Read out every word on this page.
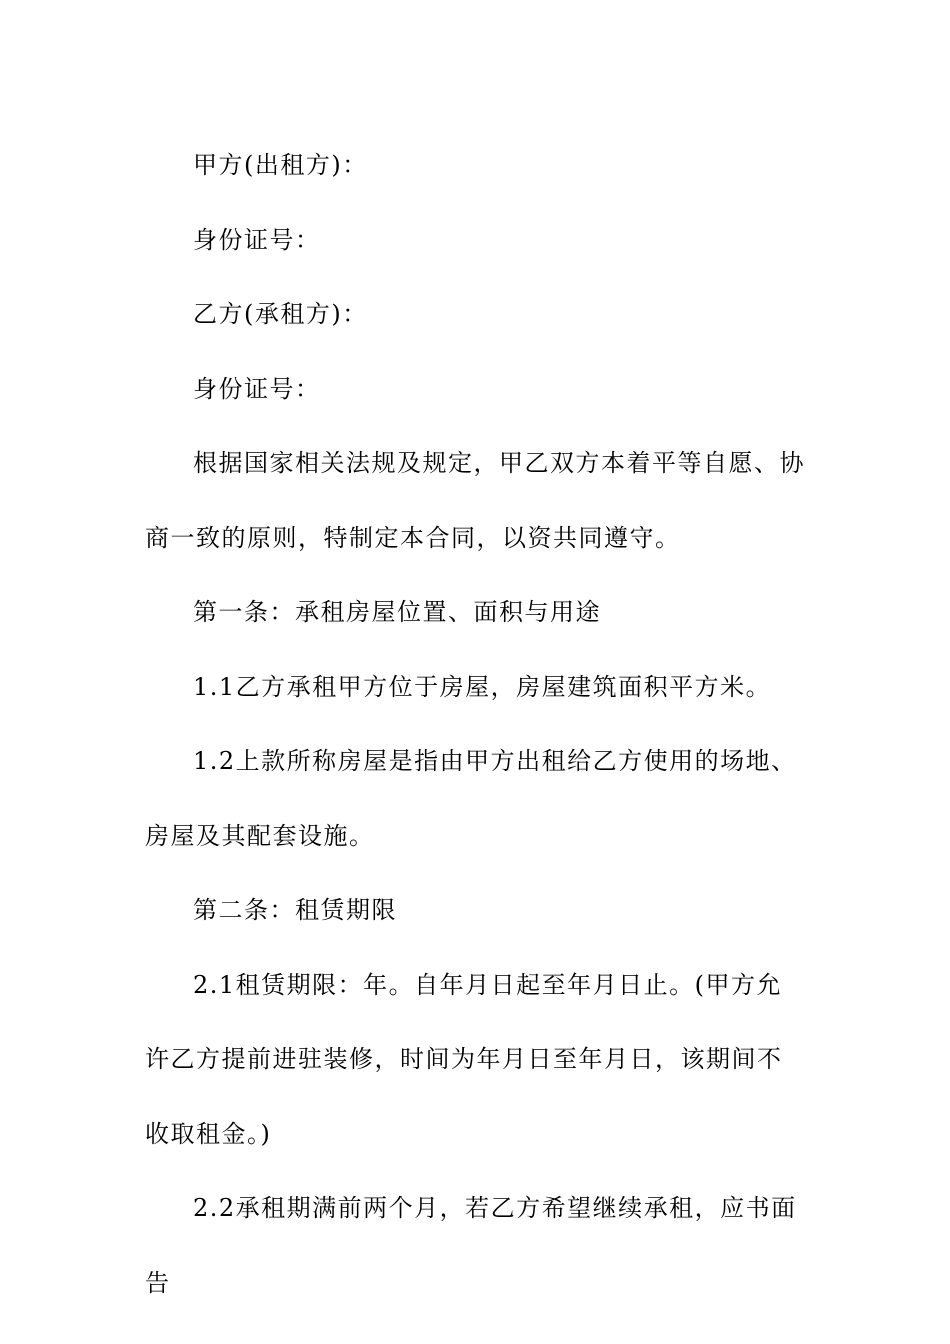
甲方(出租方)：

身份证号：

乙方(承租方)：

身份证号：

根据国家相关法规及规定，甲乙双方本着平等自愿、协商一致的原则，特制定本合同，以资共同遵守。

第一条：承租房屋位置、面积与用途

1.1乙方承租甲方位于房屋，房屋建筑面积平方米。

1.2上款所称房屋是指由甲方出租给乙方使用的场地、房屋及其配套设施。

第二条：租赁期限

2.1租赁期限：年。自年月日起至年月日止。(甲方允许乙方提前进驻装修，时间为年月日至年月日，该期间不收取租金。)

2.2承租期满前两个月，若乙方希望继续承租，应书面告
